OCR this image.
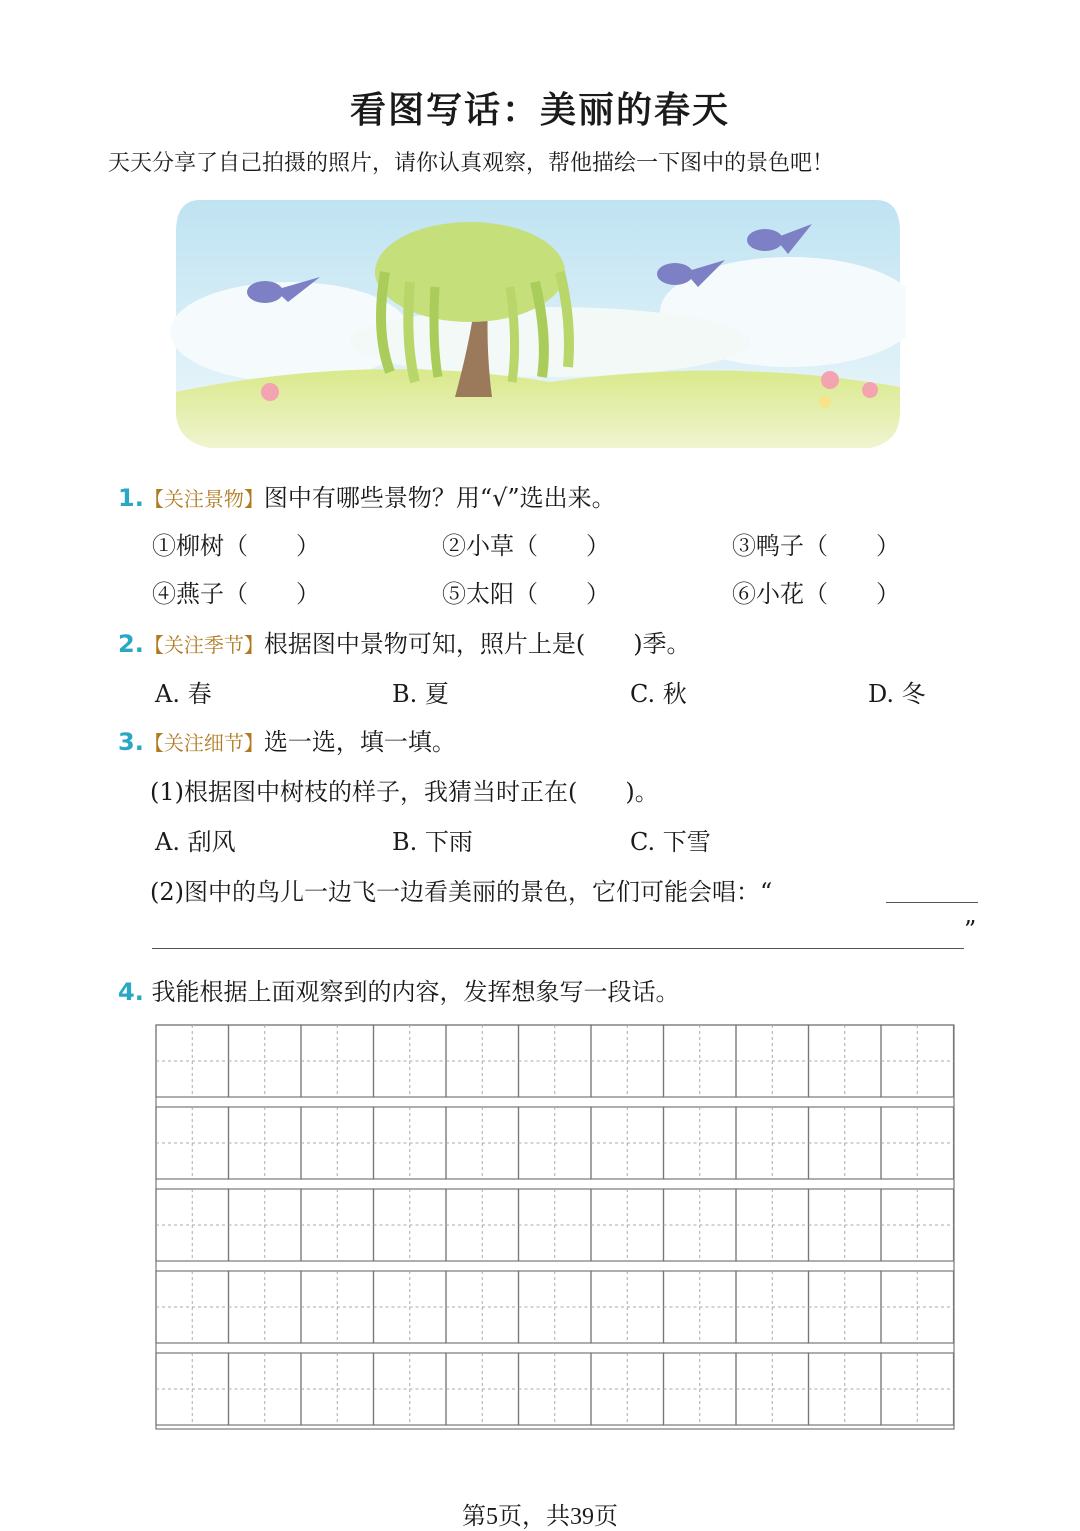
看图写话：美丽的春天
天天分享了自己拍摄的照片，请你认真观察，帮他描绘一下图中的景色吧！
1.【关注景物】图中有哪些景物？用“√”选出来。
①柳树（　　）	②小草（　　）	③鸭子（　　）
④燕子（　　）	⑤太阳（　　）	⑥小花（　　）
2.【关注季节】根据图中景物可知，照片上是(　　)季。
A. 春	B. 夏	C. 秋	D. 冬
3.【关注细节】选一选，填一填。
(1)根据图中树枝的样子，我猜当时正在(　　)。
A. 刮风	B. 下雨	C. 下雪
(2)图中的鸟儿一边飞一边看美丽的景色，它们可能会唱：“
”
4. 我能根据上面观察到的内容，发挥想象写一段话。
第5页，共39页
